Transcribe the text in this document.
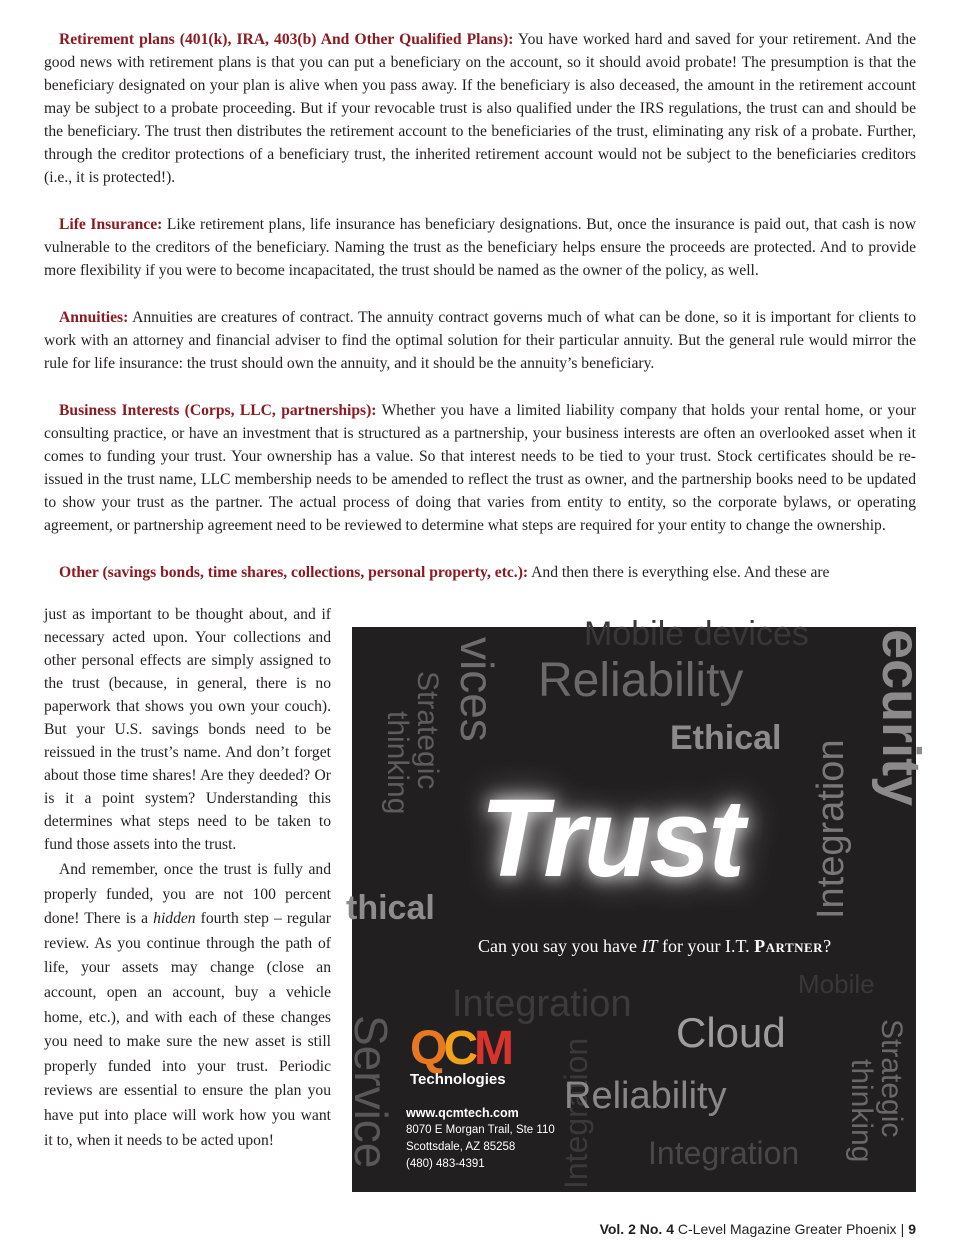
Retirement plans (401(k), IRA, 403(b) And Other Qualified Plans): You have worked hard and saved for your retirement. And the good news with retirement plans is that you can put a beneficiary on the account, so it should avoid probate! The presumption is that the beneficiary designated on your plan is alive when you pass away. If the beneficiary is also deceased, the amount in the retirement account may be subject to a probate proceeding. But if your revocable trust is also qualified under the IRS regulations, the trust can and should be the beneficiary. The trust then distributes the retirement account to the beneficiaries of the trust, eliminating any risk of a probate. Further, through the creditor protections of a beneficiary trust, the inherited retirement account would not be subject to the beneficiaries creditors (i.e., it is protected!).

Life Insurance: Like retirement plans, life insurance has beneficiary designations. But, once the insurance is paid out, that cash is now vulnerable to the creditors of the beneficiary. Naming the trust as the beneficiary helps ensure the proceeds are protected. And to provide more flexibility if you were to become incapacitated, the trust should be named as the owner of the policy, as well.

Annuities: Annuities are creatures of contract. The annuity contract governs much of what can be done, so it is important for clients to work with an attorney and financial adviser to find the optimal solution for their particular annuity. But the general rule would mirror the rule for life insurance: the trust should own the annuity, and it should be the annuity’s beneficiary.

Business Interests (Corps, LLC, partnerships): Whether you have a limited liability company that holds your rental home, or your consulting practice, or have an investment that is structured as a partnership, your business interests are often an overlooked asset when it comes to funding your trust. Your ownership has a value. So that interest needs to be tied to your trust. Stock certificates should be re-issued in the trust name, LLC membership needs to be amended to reflect the trust as owner, and the partnership books need to be updated to show your trust as the partner. The actual process of doing that varies from entity to entity, so the corporate bylaws, or operating agreement, or partnership agreement need to be reviewed to determine what steps are required for your entity to change the ownership.

Other (savings bonds, time shares, collections, personal property, etc.): And then there is everything else. And these are

just as important to be thought about, and if necessary acted upon. Your collections and other personal effects are simply assigned to the trust (because, in general, there is no paperwork that shows you own your couch). But your U.S. savings bonds need to be reissued in the trust’s name. And don’t forget about those time shares! Are they deeded? Or is it a point system? Understanding this determines what steps need to be taken to fund those assets into the trust.

And remember, once the trust is fully and properly funded, you are not 100 percent done! There is a hidden fourth step – regular review. As you continue through the path of life, your assets may change (close an account, open an account, buy a vehicle home, etc.), and with each of these changes you need to make sure the new asset is still properly funded into your trust. Periodic reviews are essential to ensure the plan you have put into place will work how you want it to, when it needs to be acted upon!

Mobile devices
vices
Strategic
thinking
Reliability
Ethical
Integration
ecurity
thical
Trust
Can you say you have IT for your I.T. Partner?
Integration	Mobile
Cloud
Service	Integration
Reliability	Strategic
thinking
Integration
QCM
Technologies
www.qcmtech.com
8070 E Morgan Trail, Ste 110
Scottsdale, AZ 85258
(480) 483-4391
Vol. 2 No. 4 C-Level Magazine Greater Phoenix | 9
